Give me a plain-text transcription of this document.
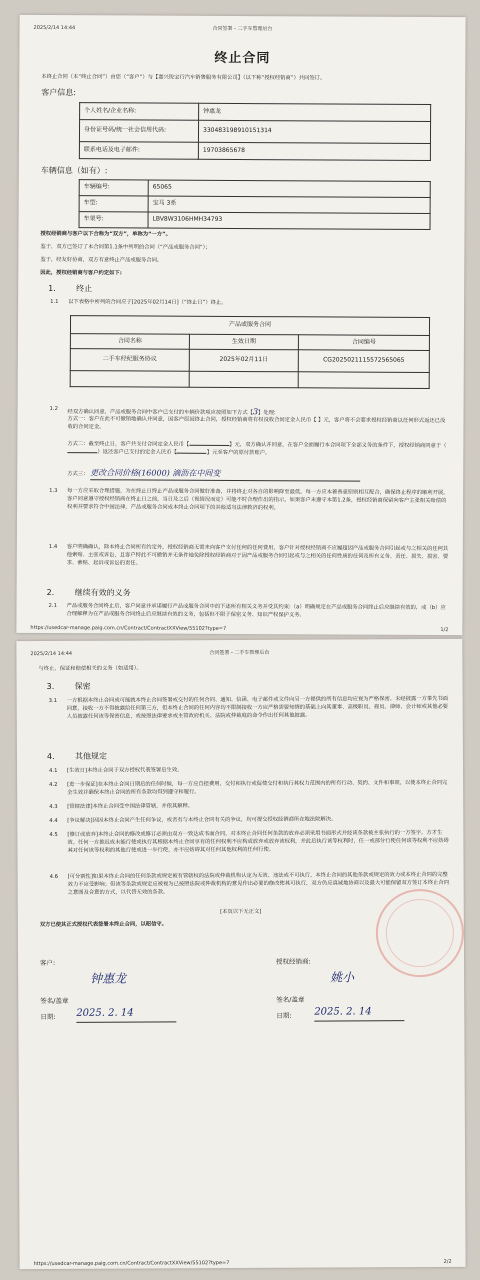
2025/2/14 14:44	合同签署 - 二手车管理后台
终止合同
本终止合同（本“终止合同”）由您（“客户”）与【嘉兴锐宝行汽车销售服务有限公司】（以下称“授权经销商”）共同签订。
客户信息:
个人姓名/企业名称:	钟惠龙
身份证号码/统一社会信用代码:	330483198910151314
联系电话及电子邮件:	19703865678
车辆信息（如有）:
车辆编号:	65065
车型:	宝马 3系
车架号:	LBV8W3106HMH34793
授权经销商与客户以下合称为“双方”，单称为“一方”。
鉴于，双方已签订了本合同第1.1条中列明的合同（“产品或服务合同”）；
鉴于，经友好协商，双方有意终止产品或服务合同。
因此，授权经销商与客户约定如下:
1.	终止
1.1 以下表格中所列的合同应于[2025年02月14日]（“终止日”）终止。
产品或服务合同		
合同名称	生效日期	合同编号
二手车经纪服务协议	2025年02月11日	CG2025021115572565065

1.2
经双方确认同意，产品或服务合同中客户已支付的车辆价款项应按照如下方式【3】处理:
方式一：客户在此不可撤销地确认并同意，因客户原因终止合同，授权经销商将有权没收合同定金人民币【 】元，客户将不会要求授权经销商以任何形式返还已没收的合同定金。
方式二：截至终止日，客户共支付合同定金人民币【	】元，双方确认并同意，在客户全面履行本合同项下全部义务的条件下，授权经销商同意于（）返还客户已支付的定金人民币【	】元至客户的原付款账户。
方式三： 更改合同价格(16000) 滴沥在中间变
1.3 每一方应采取合理措施，为在终止日终止产品或服务合同做好准备，并将终止对各自的影响降至最低。每一方应本着善意原则相互配合，确保终止程序的顺利开展。客户同意遵守授权经销商在终止日之前，当日及之后（视情况而定）可能不时合理作出的指示。如果客户未遵守本第1.2条，授权经销商保留向客户主张相关赔偿的权利并要求符合中国法律，产品或服务合同或本终止合同项下的其他适当法律救济的权利。
1.4 客户明确确认，除本终止合同所有约定外，授权经销商无需未向客户支付任何的任何费用，客户针对授权经销商不应履超因产品或服务合同引起或与之相关的任何其他索赔、主张或诉讼，且客户特此不可撤销并无条件地免除授权经销商对于因产品或服务合同引起或与之相关的任何性质的任何及所有义务、责任、损失、损害、要求、索赔、起诉或诉讼的责任。
2.	继续有效的义务
2.1 产品或服务合同终止后，客户同意并承诺履行产品或服务合同中的下述所有相关义务并受其约束:（a）明确规定在产品或服务合同终止后应继续有效的，或（b）应合理解释为在产品或服务合同终止后应继续有效的义务，包括但不限于保密义务、知识产权保护义务、
https://usedcar-manage.paig.com.cn/Contract/ContractXXView/55102?type=7	1/2
2025/2/14 14:44	合同签署 - 二手车管理后台
与终止、保证和赔偿相关的义务（如适用）。
3.	保密
3.1 一方根据本终止合同或可能就本终止合同签署或交付的任何合同、通知、信函、电子邮件或文件向另一方提供的所有信息均应视为严格保密。未经披露一方事先书面同意，接收一方不得披露给任何第三方，但本终止合同的任何内容均不限制接收一方应严格需要知情的基础上向其董事、高级职员、雇员、律师、会计师或其他必要人员披露任何该等保密信息，或按照法律要求或主管政府机关、法院或仲裁庭的命令作出任何其他披露。
4.	其他规定
4.1 [生效日]本终止合同于双方授权代表签署后生效。
4.2 [进一步保证]在本终止合同日期后的任何时候，每一方应自担费用，交付和执行或促使交付和执行其权力范围内的所有行动、契约、文件和事项，以使本终止合同完全生效并确保本终止合同的所有条款均得到遵守和履行。
4.3 [管辖法律]本终止合同受中国法律管辖，并依其解释。
4.4 [争议解决]因因本终止合同产生任何争议，或者有与本终止合同有关的争议，均可提交授权经销商所在地法院解决。
4.5 [修订或放弃]本终止合同的修改或修订必须由双方一致达成书面合同。对本终止合同任何条款的放弃必须采用书面形式并经该条款被主张执行的一方签字，方才生效。任何一方推迟或未能行使或执行其根据本终止合同享有的任何权利不应构成放弃或放弃该权利，并此后执行该等权利时，任一或部分行使任何该等权利不应妨碍其对任何该等权利的其他行使或进一步行使，亦不应妨碍其对任何其他权利的任何行使。
4.6 [可分割性]如果本终止合同的任何条款或规定被有管辖权的法院或仲裁机构认定为无效、违法或不可执行，本终止合同的其他条款或规定的效力或本终止合同的完整效力不应受影响；但该等条款或规定应被视为已按照法院或仲裁机构的意见作出必要的修改使其可执行，双方仍应真诚地协商以及最大可能保留双方签订本终止合同之意图及合意的方式，以代替无效的条款。
[本页以下无正文]
双方已使其正式授权代表签署本终止合同，以昭信守。
客户:
钟惠龙
签名/盖章
日期: 2025. 2. 14
授权经销商:
姚小
签名/盖章
日期: 2025. 2. 14
https://usedcar-manage.paig.com.cn/Contract/ContractXXView/55102?type=7	2/2
